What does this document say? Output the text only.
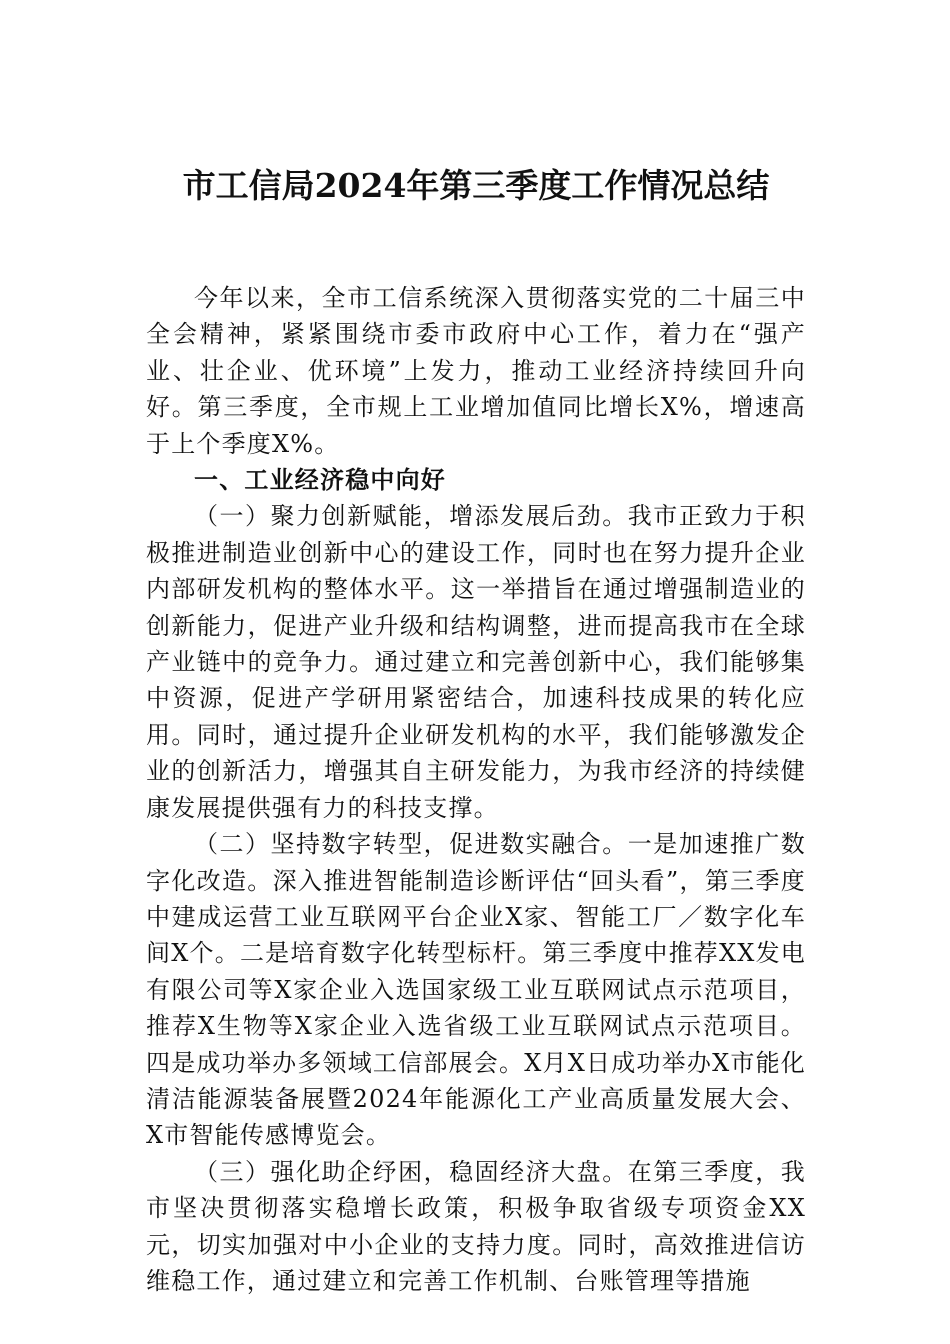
市工信局2024年第三季度工作情况总结

今年以来，全市工信系统深入贯彻落实党的二十届三中全会精神，紧紧围绕市委市政府中心工作，着力在“强产业、壮企业、优环境”上发力，推动工业经济持续回升向好。第三季度，全市规上工业增加值同比增长X%，增速高于上个季度X%。

一、工业经济稳中向好

（一）聚力创新赋能，增添发展后劲。我市正致力于积极推进制造业创新中心的建设工作，同时也在努力提升企业内部研发机构的整体水平。这一举措旨在通过增强制造业的创新能力，促进产业升级和结构调整，进而提高我市在全球产业链中的竞争力。通过建立和完善创新中心，我们能够集中资源，促进产学研用紧密结合，加速科技成果的转化应用。同时，通过提升企业研发机构的水平，我们能够激发企业的创新活力，增强其自主研发能力，为我市经济的持续健康发展提供强有力的科技支撑。

（二）坚持数字转型，促进数实融合。一是加速推广数字化改造。深入推进智能制造诊断评估“回头看”，第三季度中建成运营工业互联网平台企业X家、智能工厂／数字化车间X个。二是培育数字化转型标杆。第三季度中推荐XX发电有限公司等X家企业入选国家级工业互联网试点示范项目，推荐X生物等X家企业入选省级工业互联网试点示范项目。四是成功举办多领域工信部展会。X月X日成功举办X市能化清洁能源装备展暨2024年能源化工产业高质量发展大会、X市智能传感博览会。

（三）强化助企纾困，稳固经济大盘。在第三季度，我市坚决贯彻落实稳增长政策，积极争取省级专项资金XX元，切实加强对中小企业的支持力度。同时，高效推进信访维稳工作，通过建立和完善工作机制、台账管理等措施
